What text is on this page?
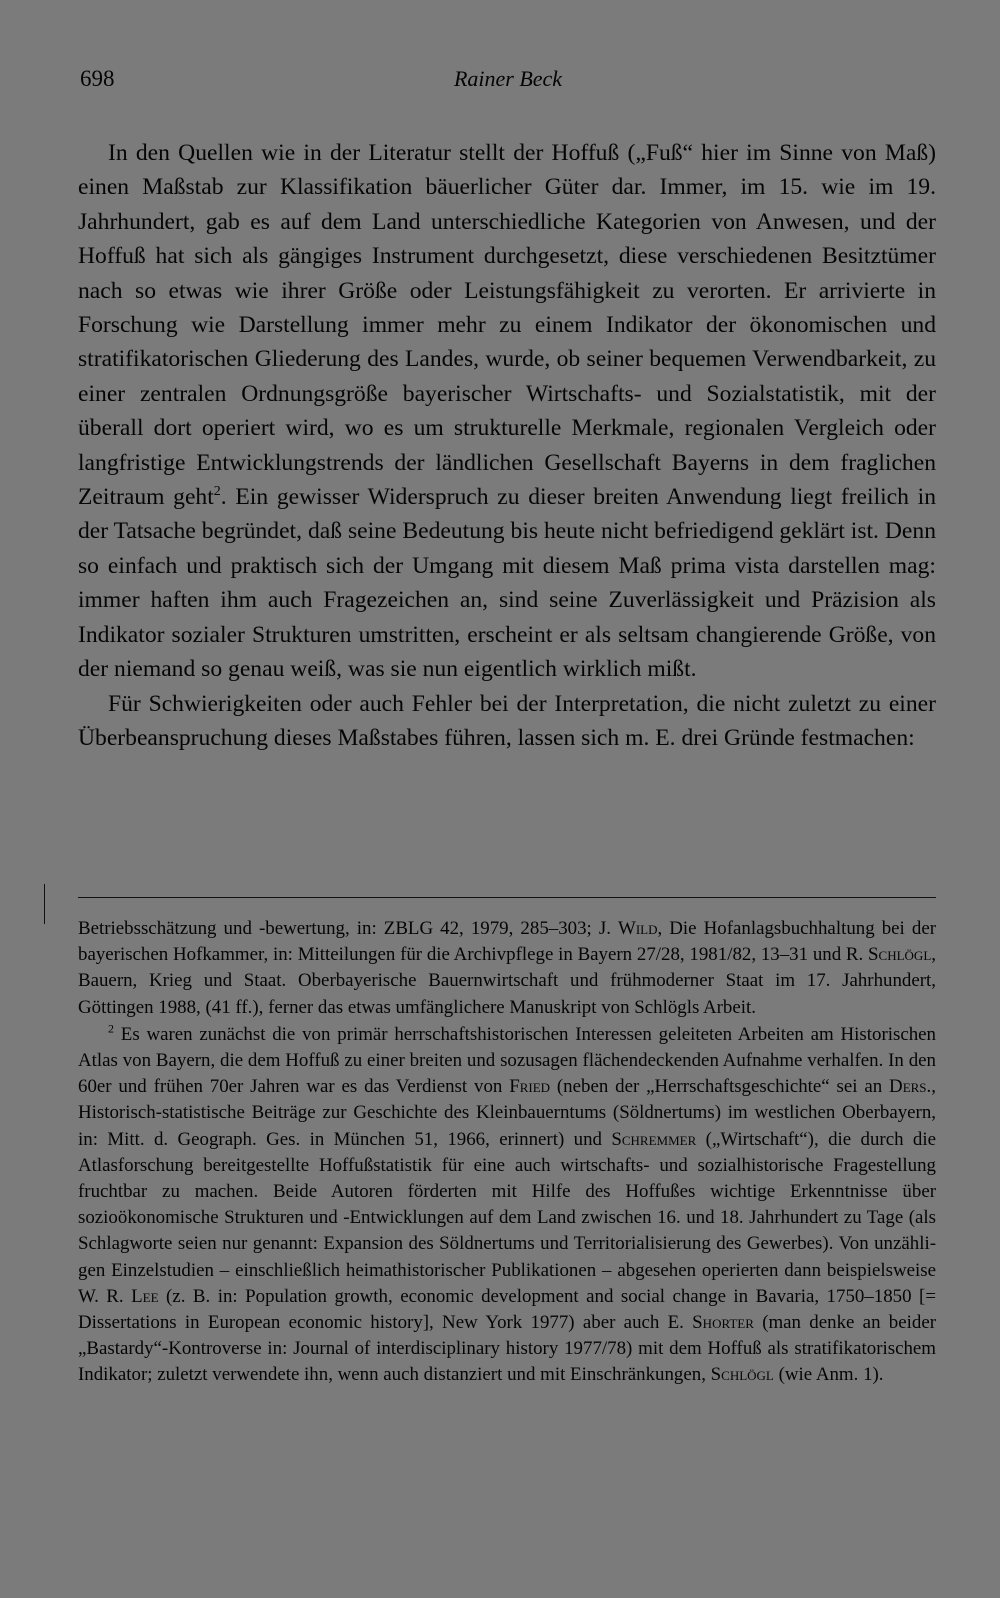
698	Rainer Beck

In den Quellen wie in der Literatur stellt der Hoffuß („Fuß“ hier im Sinne von Maß) einen Maßstab zur Klassifikation bäuerlicher Güter dar. Immer, im 15. wie im 19. Jahrhundert, gab es auf dem Land unterschiedliche Kategorien von Anwesen, und der Hoffuß hat sich als gängiges Instrument durchgesetzt, diese verschiedenen Besitztümer nach so etwas wie ihrer Größe oder Leistungsfähigkeit zu verorten. Er arrivierte in Forschung wie Darstellung immer mehr zu einem Indikator der ökonomischen und stratifikatorischen Gliederung des Landes, wurde, ob seiner bequemen Verwendbarkeit, zu einer zentralen Ordnungsgröße bayerischer Wirtschafts- und Sozialstatistik, mit der überall dort operiert wird, wo es um strukturelle Merkmale, regionalen Vergleich oder langfristige Entwicklungstrends der ländlichen Gesellschaft Bayerns in dem fraglichen Zeitraum geht$^2$. Ein gewisser Widerspruch zu dieser breiten Anwendung liegt freilich in der Tatsache begründet, daß seine Bedeutung bis heute nicht befriedigend geklärt ist. Denn so einfach und praktisch sich der Umgang mit diesem Maß prima vista darstellen mag: immer haften ihm auch Fragezeichen an, sind seine Zuverlässigkeit und Präzision als Indikator sozialer Strukturen umstritten, erscheint er als seltsam changierende Größe, von der niemand so genau weiß, was sie nun eigentlich wirklich mißt.

Für Schwierigkeiten oder auch Fehler bei der Interpretation, die nicht zuletzt zu einer Überbeanspruchung dieses Maßstabes führen, lassen sich m. E. drei Gründe festmachen:

Betriebsschätzung und -bewertung, in: ZBLG 42, 1979, 285–303; J. Wild, Die Hofanlagsbuchhaltung bei der bayerischen Hofkammer, in: Mitteilungen für die Archivpflege in Bayern 27/28, 1981/82, 13–31 und R. Schlögl, Bauern, Krieg und Staat. Oberbayerische Bauernwirtschaft und frühmoderner Staat im 17. Jahrhundert, Göttingen 1988, (41 ff.), ferner das etwas umfänglichere Manuskript von Schlögls Arbeit.

$^2$ Es waren zunächst die von primär herrschaftshistorischen Interessen geleiteten Arbeiten am Historischen Atlas von Bayern, die dem Hoffuß zu einer breiten und sozusagen flächendeckenden Aufnahme verhalfen. In den 60er und frühen 70er Jahren war es das Verdienst von Fried (neben der „Herrschaftsgeschichte“ sei an Ders., Historisch-statistische Beiträge zur Geschichte des Kleinbauerntums (Söldnertums) im westlichen Oberbayern, in: Mitt. d. Geograph. Ges. in München 51, 1966, erinnert) und Schremmer („Wirtschaft“), die durch die Atlasforschung bereitgestellte Hoffußstatistik für eine auch wirtschafts- und sozialhistorische Fragestellung fruchtbar zu machen. Beide Autoren förderten mit Hilfe des Hoffußes wichtige Erkenntnisse über sozioökonomische Strukturen und -Entwicklungen auf dem Land zwischen 16. und 18. Jahrhundert zu Tage (als Schlagworte seien nur genannt: Expansion des Söldnertums und Territorialisierung des Gewerbes). Von unzähligen Einzelstudien – einschließlich heimathistorischer Publikationen – abgesehen operierten dann beispielsweise W. R. Lee (z. B. in: Population growth, economic development and social change in Bavaria, 1750–1850 [= Dissertations in European economic history], New York 1977) aber auch E. Shorter (man denke an beider „Bastardy“-Kontroverse in: Journal of interdisciplinary history 1977/78) mit dem Hoffuß als stratifikatorischem Indikator; zuletzt verwendete ihn, wenn auch distanziert und mit Einschränkungen, Schlögl (wie Anm. 1).
